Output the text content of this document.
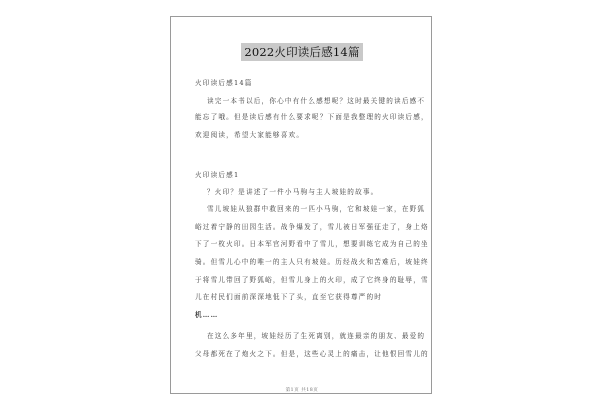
2022火印读后感14篇
火印读后感14篇
读完一本书以后，你心中有什么感想呢？这时最关键的读后感不
能忘了哦。但是读后感有什么要求呢？下面是我整理的火印读后感，
欢迎阅读，希望大家能够喜欢。
火印读后感1
？火印？是讲述了一件小马驹与主人坡娃的故事。
雪儿坡娃从狼群中救回来的一匹小马驹，它和坡娃一家，在野狐
峪过着宁静的田园生活。战争爆发了，雪儿被日军强征走了，身上烙
下了一枚火印。日本军官河野看中了雪儿，想要训练它成为自己的坐
骑。但雪儿心中的唯一的主人只有坡娃。历经战火和苦难后，坡娃终
于将雪儿带回了野狐峪，但雪儿身上的火印，成了它终身的耻辱，雪
儿在村民们面前深深地低下了头，直至它获得尊严的时
机……
在这么多年里，坡娃经历了生死离别，就连最亲的朋友、最爱的
父母都死在了炮火之下。但是，这些心灵上的痛击，让他恨回雪儿的
第1页 共18页
